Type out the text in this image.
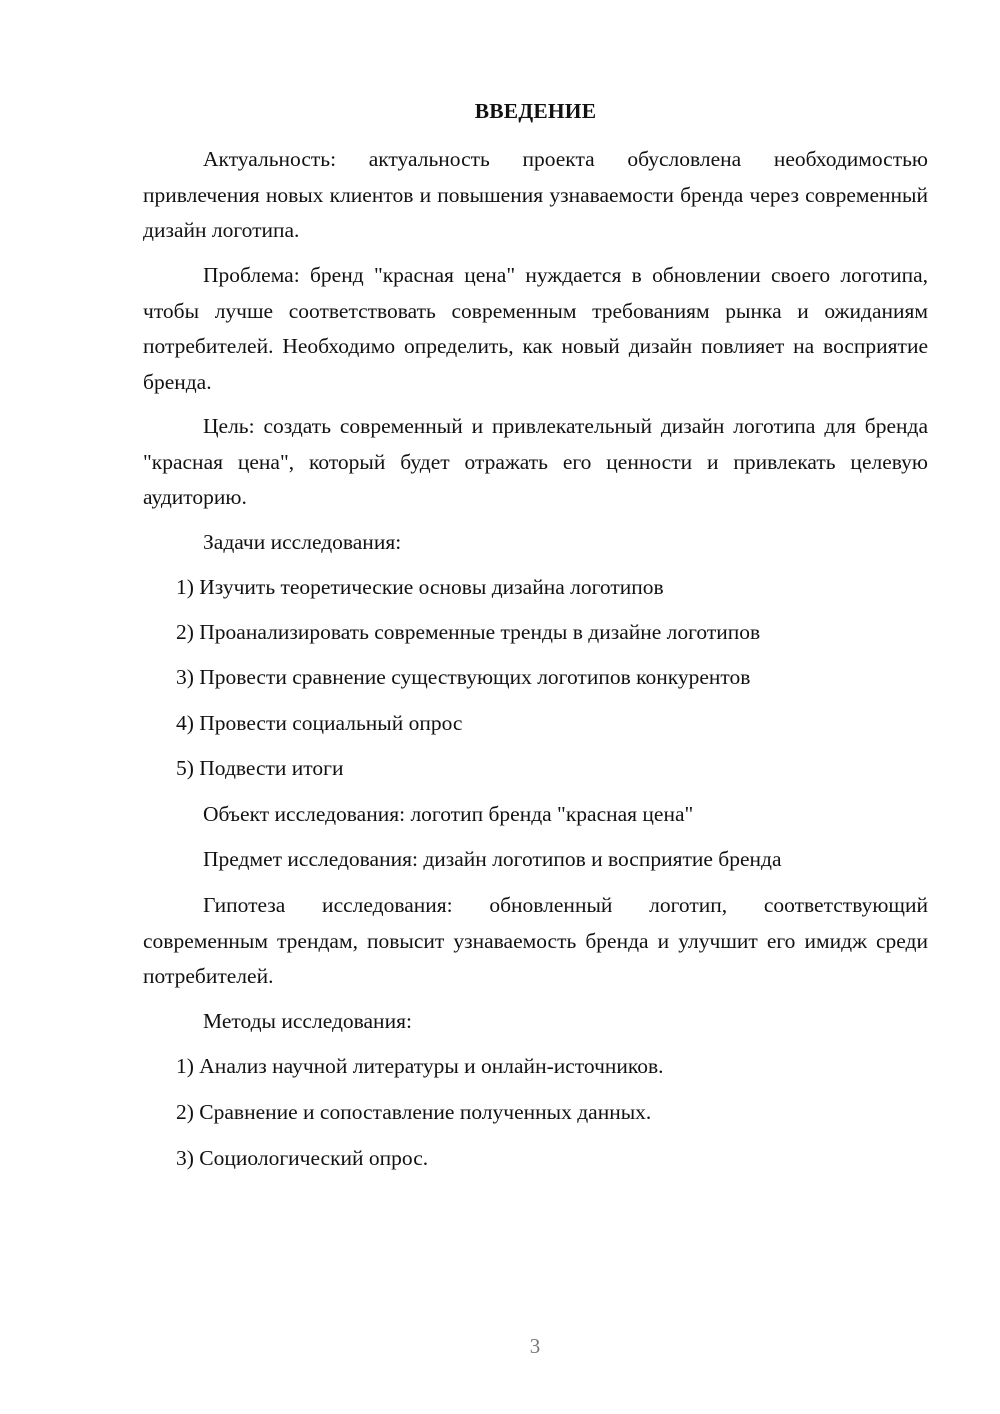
ВВЕДЕНИЕ

Актуальность: актуальность проекта обусловлена необходимостью привлечения новых клиентов и повышения узнаваемости бренда через современный дизайн логотипа.

Проблема: бренд "красная цена" нуждается в обновлении своего логотипа, чтобы лучше соответствовать современным требованиям рынка и ожиданиям потребителей. Необходимо определить, как новый дизайн повлияет на восприятие бренда.

Цель: создать современный и привлекательный дизайн логотипа для бренда "красная цена", который будет отражать его ценности и привлекать целевую аудиторию.

Задачи исследования:

1) Изучить теоретические основы дизайна логотипов

2) Проанализировать современные тренды в дизайне логотипов

3) Провести сравнение существующих логотипов конкурентов

4) Провести социальный опрос

5) Подвести итоги

Объект исследования: логотип бренда "красная цена"

Предмет исследования: дизайн логотипов и восприятие бренда

Гипотеза исследования: обновленный логотип, соответствующий современным трендам, повысит узнаваемость бренда и улучшит его имидж среди потребителей.

Методы исследования:

1) Анализ научной литературы и онлайн-источников.

2) Сравнение и сопоставление полученных данных.

3) Социологический опрос.

3
